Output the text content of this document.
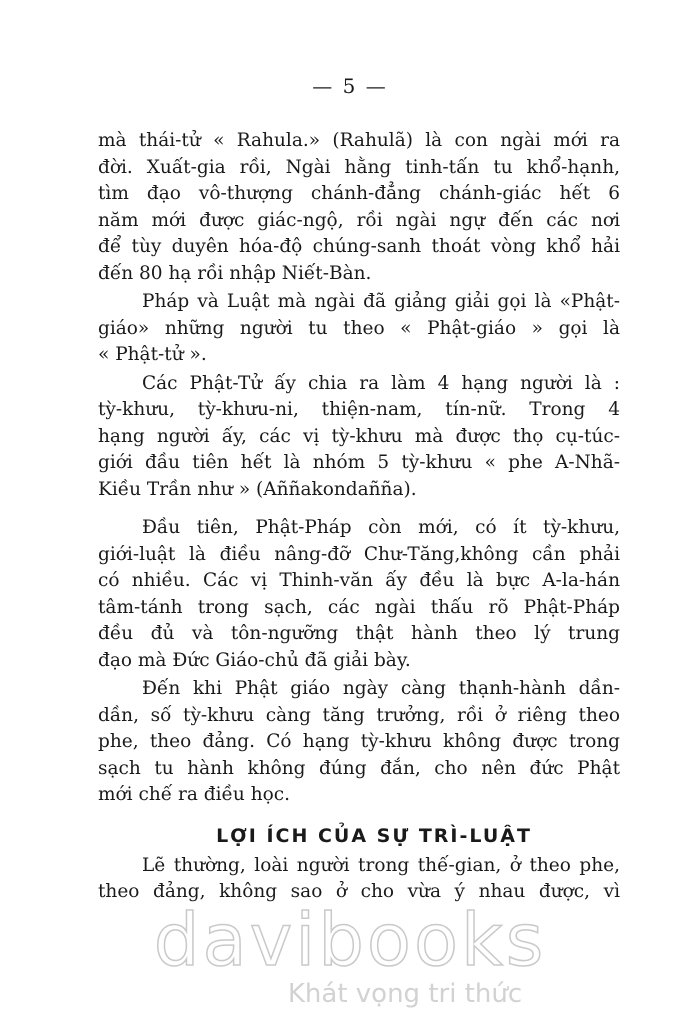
— 5 —

mà thái-tử « Rahula.» (Rahulã) là con ngài mới ra
đời. Xuất-gia rồi, Ngài hằng tinh-tấn tu khổ-hạnh,
tìm đạo vô-thượng chánh-đẳng chánh-giác hết 6
năm mới được giác-ngộ, rồi ngài ngự đến các nơi
để tùy duyên hóa-độ chúng-sanh thoát vòng khổ hải
đến 80 hạ rồi nhập Niết-Bàn.

Pháp và Luật mà ngài đã giảng giải gọi là «Phật-
giáo» những người tu theo « Phật-giáo » gọi là
« Phật-tử ».

Các Phật-Tử ấy chia ra làm 4 hạng người là :
tỳ-khưu, tỳ-khưu-ni, thiện-nam, tín-nữ. Trong 4
hạng người ấy, các vị tỳ-khưu mà được thọ cụ-túc-
giới đầu tiên hết là nhóm 5 tỳ-khưu « phe A-Nhã-
Kiều Trần như » (Aññakondañña).

Đầu tiên, Phật-Pháp còn mới, có ít tỳ-khưu,
giới-luật là điều nâng-đỡ Chư-Tăng,không cần phải
có nhiều. Các vị Thinh-văn ấy đều là bực A-la-hán
tâm-tánh trong sạch, các ngài thấu rõ Phật-Pháp
đều đủ và tôn-ngưỡng thật hành theo lý trung
đạo mà Đức Giáo-chủ đã giải bày.

Đến khi Phật giáo ngày càng thạnh-hành dần-
dần, số tỳ-khưu càng tăng trưởng, rồi ở riêng theo
phe, theo đảng. Có hạng tỳ-khưu không được trong
sạch tu hành không đúng đắn, cho nên đức Phật
mới chế ra điều học.

LỢI ÍCH CỦA SỰ TRÌ-LUẬT

Lẽ thường, loài người trong thế-gian, ở theo phe,
theo đảng, không sao ở cho vừa ý nhau được, vì

davibooks
Khát vọng tri thức
